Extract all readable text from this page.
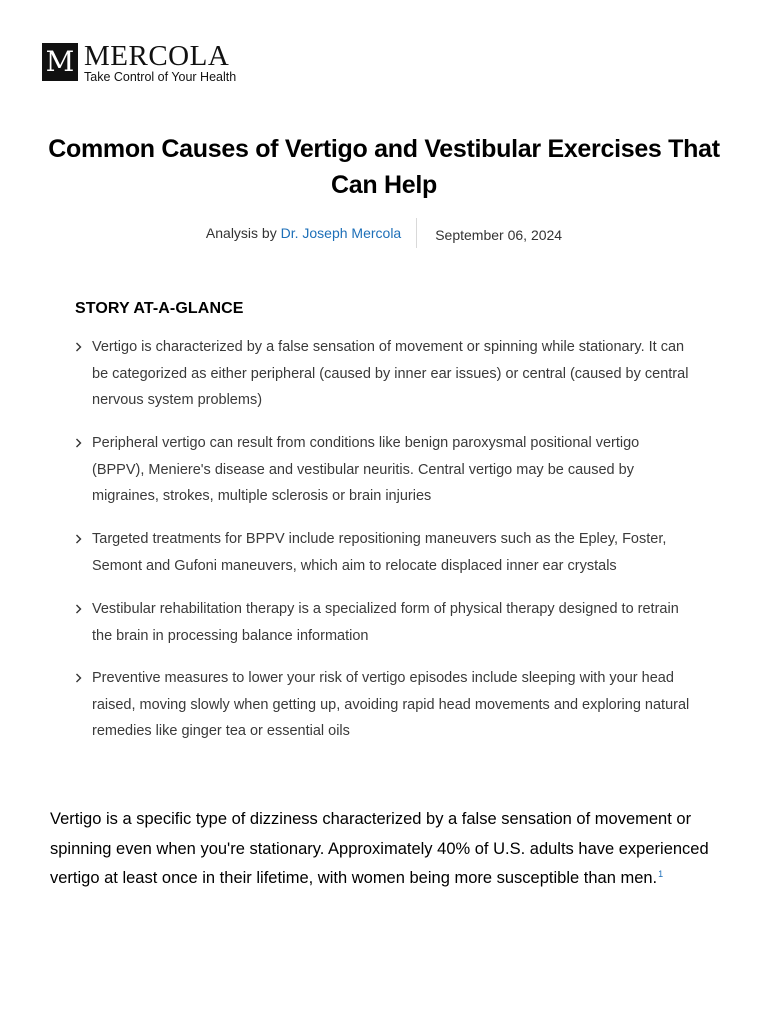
M MERCOLA
Take Control of Your Health
Common Causes of Vertigo and Vestibular Exercises That Can Help
Analysis by Dr. Joseph Mercola	September 06, 2024
STORY AT-A-GLANCE
Vertigo is characterized by a false sensation of movement or spinning while stationary. It can be categorized as either peripheral (caused by inner ear issues) or central (caused by central nervous system problems)
Peripheral vertigo can result from conditions like benign paroxysmal positional vertigo (BPPV), Meniere's disease and vestibular neuritis. Central vertigo may be caused by migraines, strokes, multiple sclerosis or brain injuries
Targeted treatments for BPPV include repositioning maneuvers such as the Epley, Foster, Semont and Gufoni maneuvers, which aim to relocate displaced inner ear crystals
Vestibular rehabilitation therapy is a specialized form of physical therapy designed to retrain the brain in processing balance information
Preventive measures to lower your risk of vertigo episodes include sleeping with your head raised, moving slowly when getting up, avoiding rapid head movements and exploring natural remedies like ginger tea or essential oils

Vertigo is a specific type of dizziness characterized by a false sensation of movement or spinning even when you're stationary. Approximately 40% of U.S. adults have experienced vertigo at least once in their lifetime, with women being more susceptible than men.$^1$
